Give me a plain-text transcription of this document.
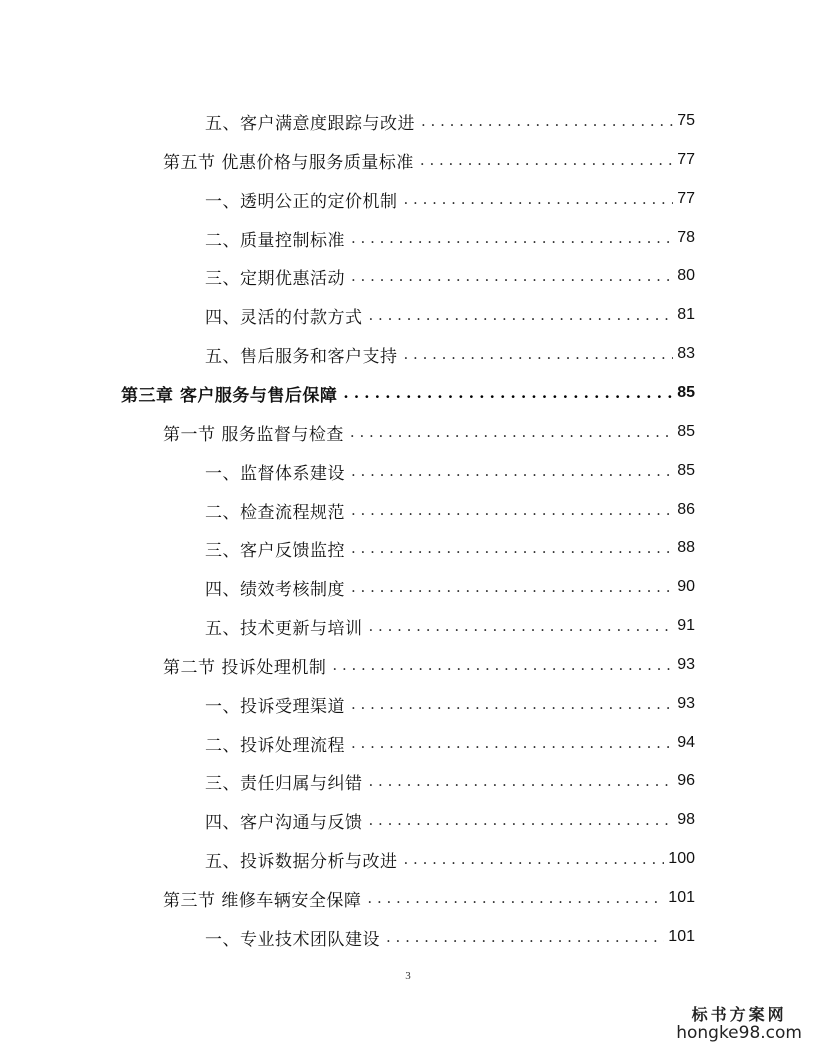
五、客户满意度跟踪与改进 . . .	75
第五节 优惠价格与服务质量标准 . . .	77
一、透明公正的定价机制 . . .	77
二、质量控制标准 . . .	78
三、定期优惠活动 . . .	80
四、灵活的付款方式 . . .	81
五、售后服务和客户支持 . . .	83
第三章 客户服务与售后保障 . . .	85
第一节 服务监督与检查 . . .	85
一、监督体系建设 . . .	85
二、检查流程规范 . . .	86
三、客户反馈监控 . . .	88
四、绩效考核制度 . . .	90
五、技术更新与培训 . . .	91
第二节 投诉处理机制 . . .	93
一、投诉受理渠道 . . .	93
二、投诉处理流程 . . .	94
三、责任归属与纠错 . . .	96
四、客户沟通与反馈 . . .	98
五、投诉数据分析与改进 . . .	100
第三节 维修车辆安全保障 . . .	101
一、专业技术团队建设 . . .	101
3
标书方案网
hongke98.com
